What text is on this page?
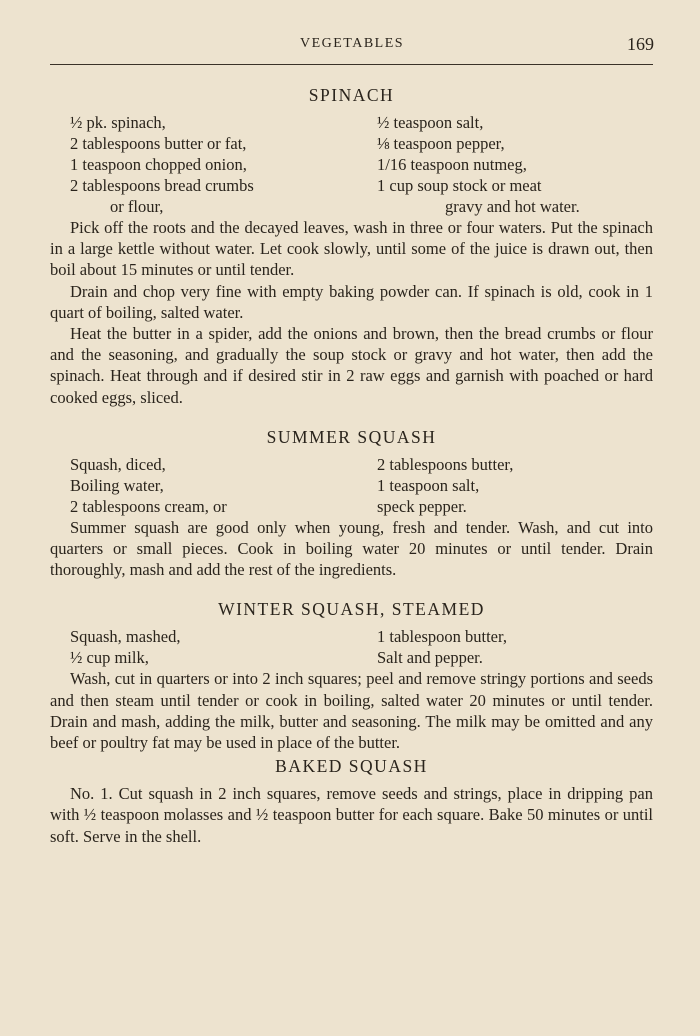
VEGETABLES	169
SPINACH
½ pk. spinach,
2 tablespoons butter or fat,
1 teaspoon chopped onion,
2 tablespoons bread crumbs
or flour,
½ teaspoon salt,
⅛ teaspoon pepper,
1/16 teaspoon nutmeg,
1 cup soup stock or meat
gravy and hot water.

Pick off the roots and the decayed leaves, wash in three or four waters. Put the spinach in a large kettle without water. Let cook slowly, until some of the juice is drawn out, then boil about 15 minutes or until tender.

Drain and chop very fine with empty baking powder can. If spinach is old, cook in 1 quart of boiling, salted water.

Heat the butter in a spider, add the onions and brown, then the bread crumbs or flour and the seasoning, and gradually the soup stock or gravy and hot water, then add the spinach. Heat through and if desired stir in 2 raw eggs and garnish with poached or hard cooked eggs, sliced.

SUMMER SQUASH
Squash, diced,
Boiling water,
2 tablespoons cream, or
2 tablespoons butter,
1 teaspoon salt,
speck pepper.

Summer squash are good only when young, fresh and tender. Wash, and cut into quarters or small pieces. Cook in boiling water 20 minutes or until tender. Drain thoroughly, mash and add the rest of the ingredients.

WINTER SQUASH, STEAMED
Squash, mashed,
½ cup milk,
1 tablespoon butter,
Salt and pepper.

Wash, cut in quarters or into 2 inch squares; peel and remove stringy portions and seeds and then steam until tender or cook in boiling, salted water 20 minutes or until tender. Drain and mash, adding the milk, butter and seasoning. The milk may be omitted and any beef or poultry fat may be used in place of the butter.

BAKED SQUASH

No. 1. Cut squash in 2 inch squares, remove seeds and strings, place in dripping pan with ½ teaspoon molasses and ½ teaspoon butter for each square. Bake 50 minutes or until soft. Serve in the shell.
